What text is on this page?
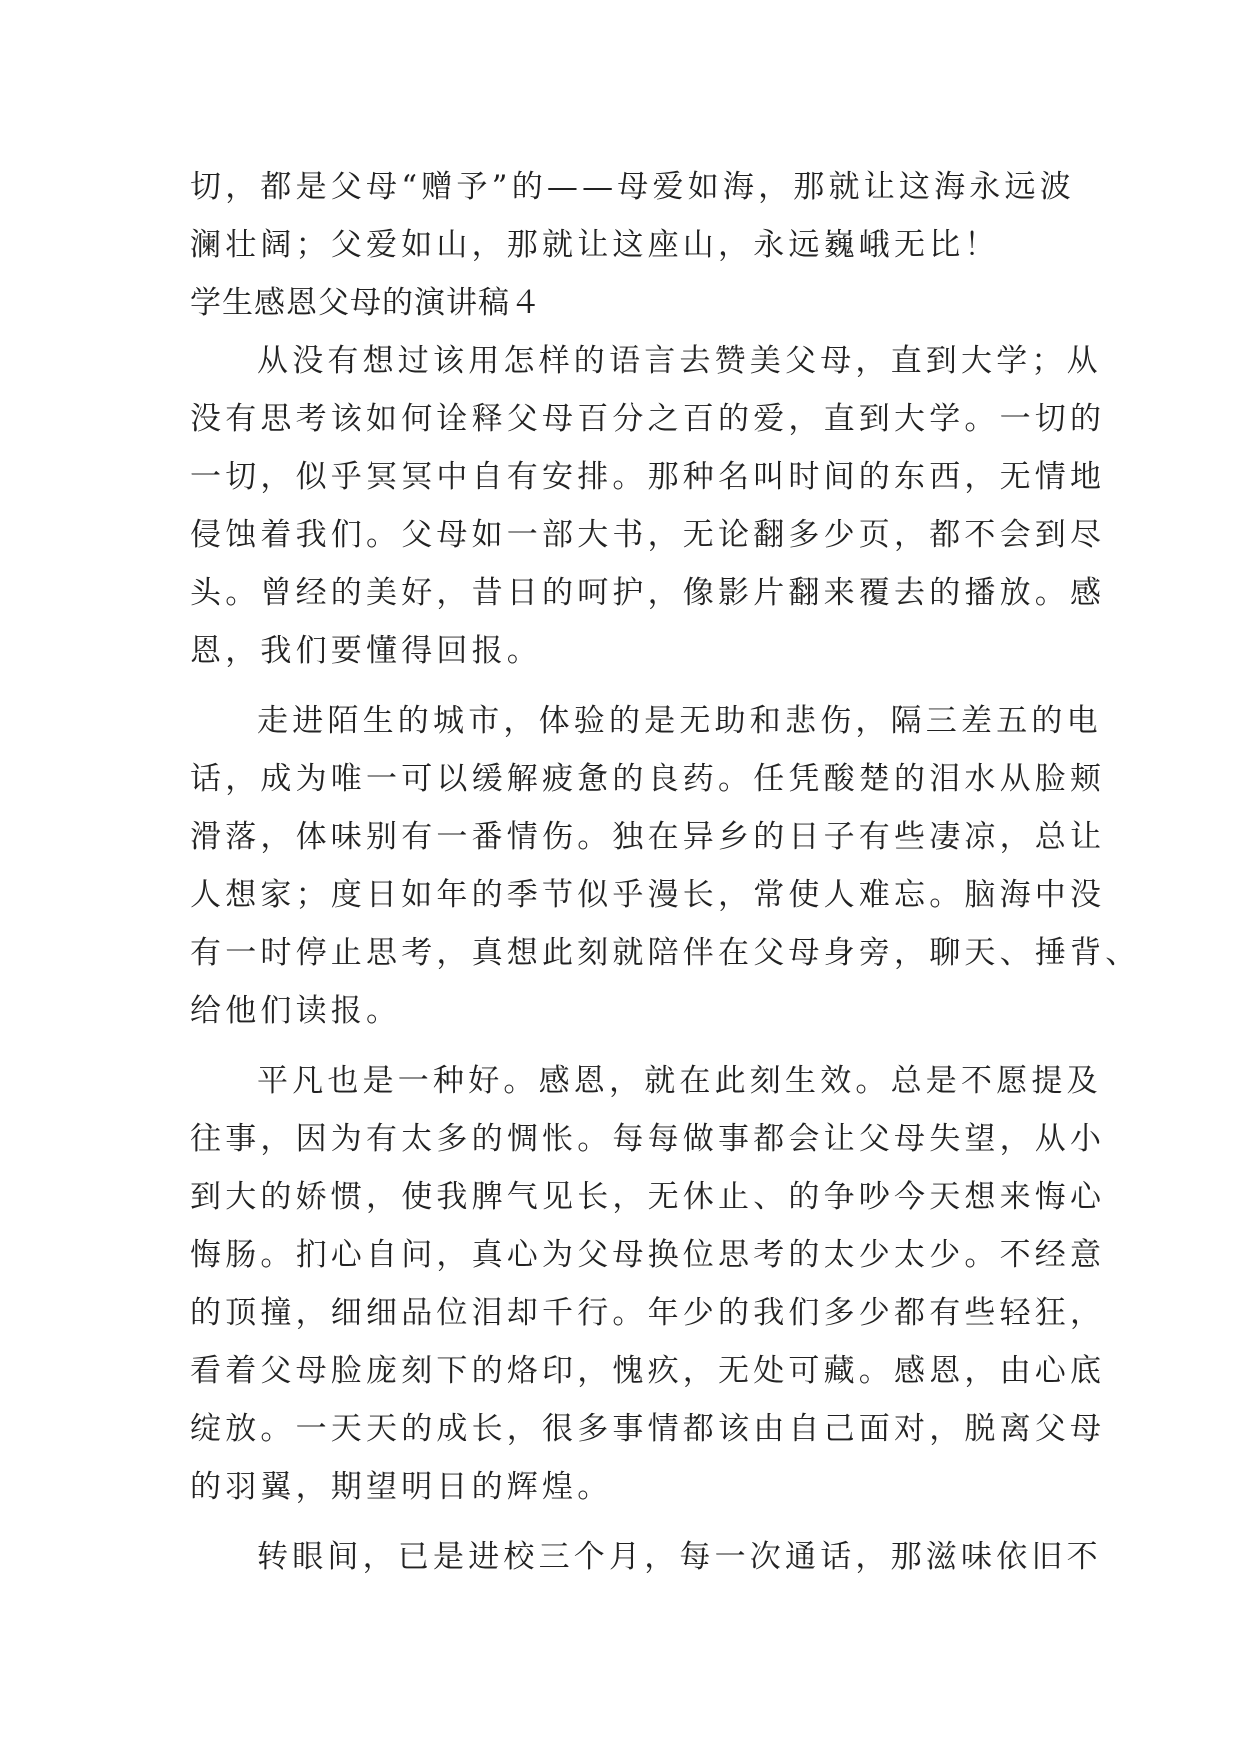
切，都是父母“赠予”的——母爱如海，那就让这海永远波
澜壮阔；父爱如山，那就让这座山，永远巍峨无比！
学生感恩父母的演讲稿４
从没有想过该用怎样的语言去赞美父母，直到大学；从
没有思考该如何诠释父母百分之百的爱，直到大学。一切的
一切，似乎冥冥中自有安排。那种名叫时间的东西，无情地
侵蚀着我们。父母如一部大书，无论翻多少页，都不会到尽
头。曾经的美好，昔日的呵护，像影片翻来覆去的播放。感
恩，我们要懂得回报。
走进陌生的城市，体验的是无助和悲伤，隔三差五的电
话，成为唯一可以缓解疲惫的良药。任凭酸楚的泪水从脸颊
滑落，体味别有一番情伤。独在异乡的日子有些凄凉，总让
人想家；度日如年的季节似乎漫长，常使人难忘。脑海中没
有一时停止思考，真想此刻就陪伴在父母身旁，聊天、捶背、
给他们读报。
平凡也是一种好。感恩，就在此刻生效。总是不愿提及
往事，因为有太多的惆怅。每每做事都会让父母失望，从小
到大的娇惯，使我脾气见长，无休止、的争吵今天想来悔心
悔肠。扪心自问，真心为父母换位思考的太少太少。不经意
的顶撞，细细品位泪却千行。年少的我们多少都有些轻狂，
看着父母脸庞刻下的烙印，愧疚，无处可藏。感恩，由心底
绽放。一天天的成长，很多事情都该由自己面对，脱离父母
的羽翼，期望明日的辉煌。
转眼间，已是进校三个月，每一次通话，那滋味依旧不
